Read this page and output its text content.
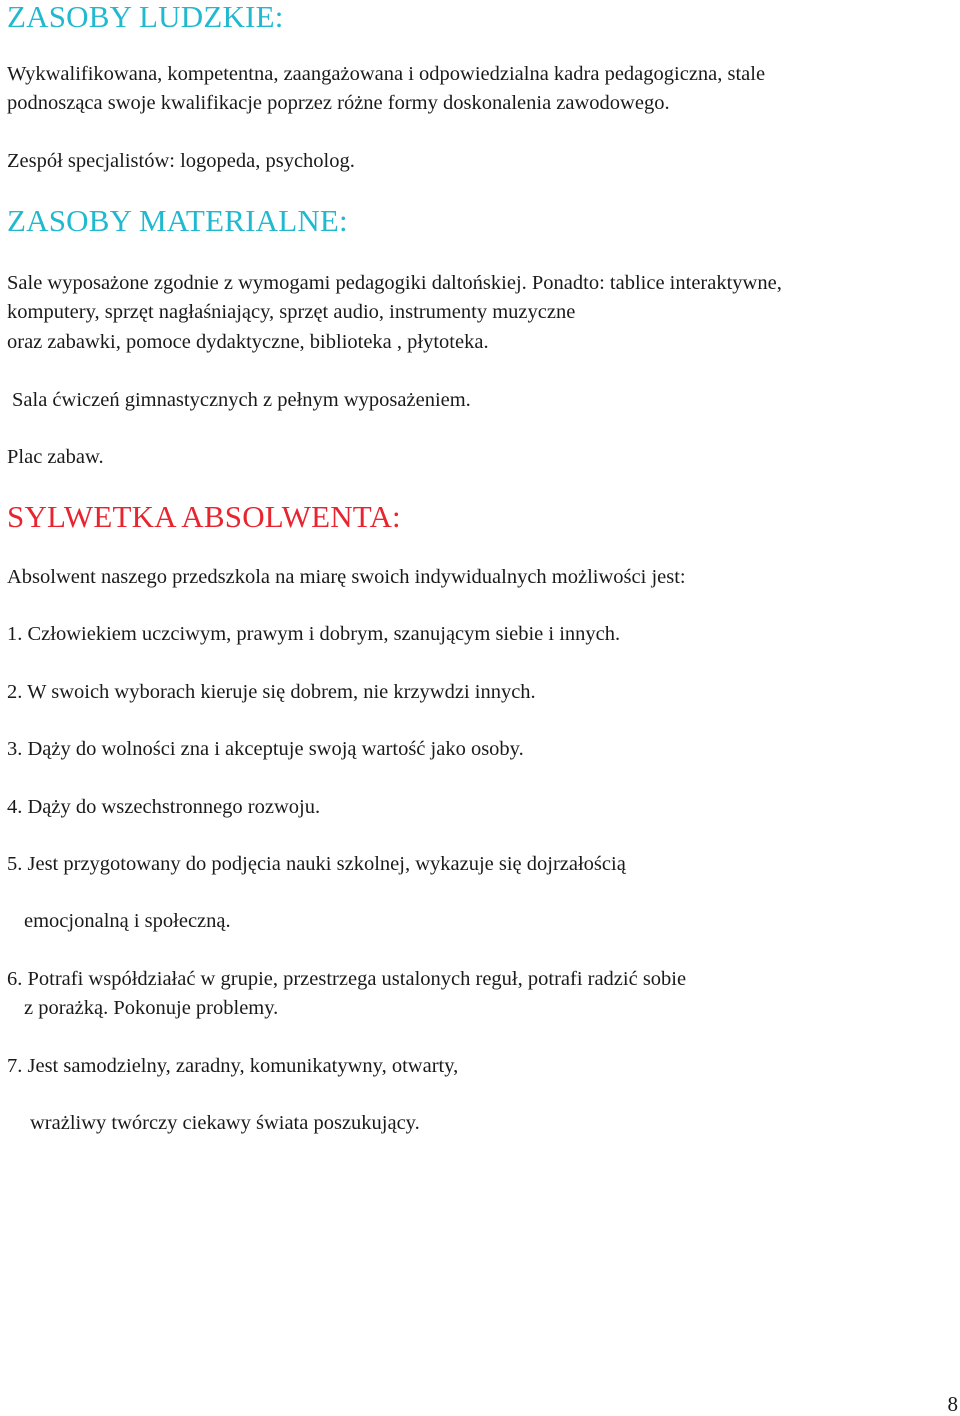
ZASOBY LUDZKIE:

Wykwalifikowana, kompetentna, zaangażowana i odpowiedzialna kadra pedagogiczna, stale

podnosząca swoje kwalifikacje poprzez różne formy doskonalenia zawodowego.

Zespół specjalistów: logopeda, psycholog.

ZASOBY MATERIALNE:

Sale wyposażone zgodnie z wymogami pedagogiki daltońskiej. Ponadto: tablice interaktywne,

komputery, sprzęt nagłaśniający, sprzęt audio, instrumenty muzyczne

oraz zabawki, pomoce dydaktyczne, biblioteka , płytoteka.

Sala ćwiczeń gimnastycznych z pełnym wyposażeniem.

Plac zabaw.

SYLWETKA ABSOLWENTA:

Absolwent naszego przedszkola na miarę swoich indywidualnych możliwości jest:

1. Człowiekiem uczciwym, prawym i dobrym, szanującym siebie i innych.

2. W swoich wyborach kieruje się dobrem, nie krzywdzi innych.

3. Dąży do wolności zna i akceptuje swoją wartość jako osoby.

4. Dąży do wszechstronnego rozwoju.

5. Jest przygotowany do podjęcia nauki szkolnej, wykazuje się dojrzałością

emocjonalną i społeczną.

6. Potrafi współdziałać w grupie, przestrzega ustalonych reguł, potrafi radzić sobie

z porażką. Pokonuje problemy.

7. Jest samodzielny, zaradny, komunikatywny, otwarty,

wrażliwy twórczy ciekawy świata poszukujący.

8
